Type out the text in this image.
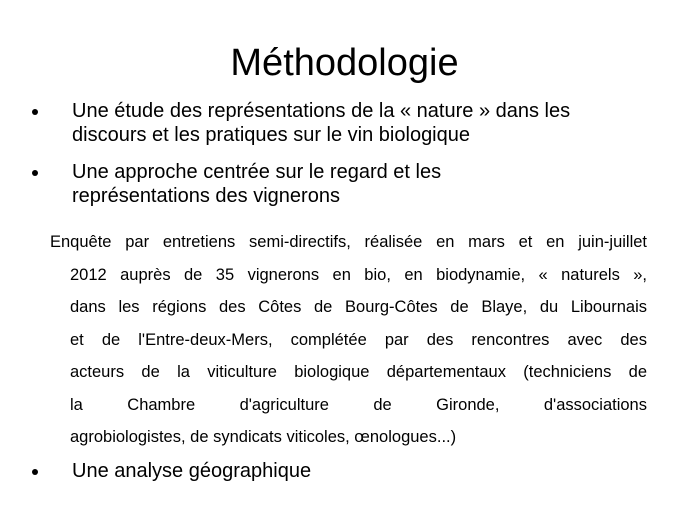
Méthodologie
Une étude des représentations de la « nature » dans les
discours et les pratiques sur le vin biologique
Une approche centrée sur le regard et les
représentations des vignerons
Enquête par entretiens semi-directifs, réalisée en mars et en juin-juillet
2012 auprès de 35 vignerons en bio, en biodynamie, « naturels »,
dans les régions des Côtes de Bourg-Côtes de Blaye, du Libournais
et de l'Entre-deux-Mers, complétée par des rencontres avec des
acteurs de la viticulture biologique départementaux (techniciens de
la Chambre d'agriculture de Gironde, d'associations
agrobiologistes, de syndicats viticoles, œnologues...)
Une analyse géographique
